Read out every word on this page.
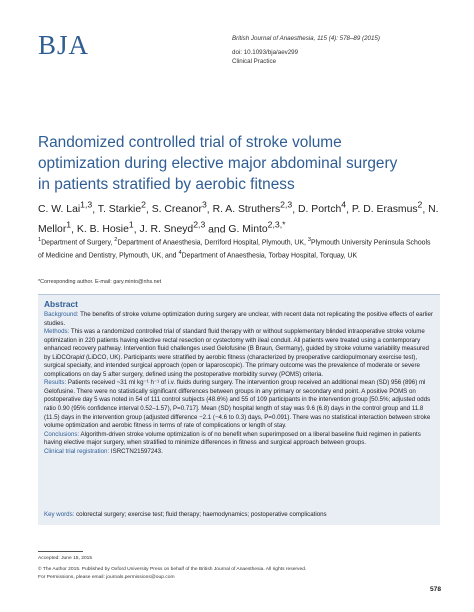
BJA	British Journal of Anaesthesia, 115 (4): 578–89 (2015)
doi: 10.1093/bja/aev299
Clinical Practice
Randomized controlled trial of stroke volume
optimization during elective major abdominal surgery
in patients stratified by aerobic fitness
C. W. Lai$^{1,3}$, T. Starkie$^2$, S. Creanor$^3$, R. A. Struthers$^{2,3}$, D. Portch$^4$, P. D. Erasmus$^2$, N. Mellor$^1$, K. B. Hosie$^1$, J. R. Sneyd$^{2,3}$ and G. Minto$^{2,3,*}$
$^1$Department of Surgery, $^2$Department of Anaesthesia, Derriford Hospital, Plymouth, UK, $^3$Plymouth University Peninsula Schools of Medicine and Dentistry, Plymouth, UK, and $^4$Department of Anaesthesia, Torbay Hospital, Torquay, UK
*Corresponding author. E-mail: gary.minto@nhs.net
Abstract

Background: The benefits of stroke volume optimization during surgery are unclear, with recent data not replicating the positive effects of earlier studies.

Methods: This was a randomized controlled trial of standard fluid therapy with or without supplementary blinded intraoperative stroke volume optimization in 220 patients having elective rectal resection or cystectomy with ileal conduit. All patients were treated using a contemporary enhanced recovery pathway. Intervention fluid challenges used Gelofusine (B Braun, Germany), guided by stroke volume variability measured by LiDCOrapid (LiDCO, UK). Participants were stratified by aerobic fitness (characterized by preoperative cardiopulmonary exercise test), surgical specialty, and intended surgical approach (open or laparoscopic). The primary outcome was the prevalence of moderate or severe complications on day 5 after surgery, defined using the postoperative morbidity survey (POMS) criteria.

Results: Patients received ~31 ml kg⁻¹ h⁻¹ of i.v. fluids during surgery. The intervention group received an additional mean (SD) 956 (896) ml Gelofusine. There were no statistically significant differences between groups in any primary or secondary end point. A positive POMS on postoperative day 5 was noted in 54 of 111 control subjects (48.6%) and 55 of 109 participants in the intervention group [50.5%; adjusted odds ratio 0.90 (95% confidence interval 0.52–1.57), P=0.717]. Mean (SD) hospital length of stay was 9.6 (6.8) days in the control group and 11.8 (11.5) days in the intervention group (adjusted difference −2.1 (−4.6 to 0.3) days, P=0.091). There was no statistical interaction between stroke volume optimization and aerobic fitness in terms of rate of complications or length of stay.

Conclusions: Algorithm-driven stroke volume optimization is of no benefit when superimposed on a liberal baseline fluid regimen in patients having elective major surgery, when stratified to minimize differences in fitness and surgical approach between groups.

Clinical trial registration: ISRCTN21597243.

Key words: colorectal surgery; exercise test; fluid therapy; haemodynamics; postoperative complications
Accepted: June 15, 2015
© The Author 2015. Published by Oxford University Press on behalf of the British Journal of Anaesthesia. All rights reserved.
For Permissions, please email: journals.permissions@oup.com
578
